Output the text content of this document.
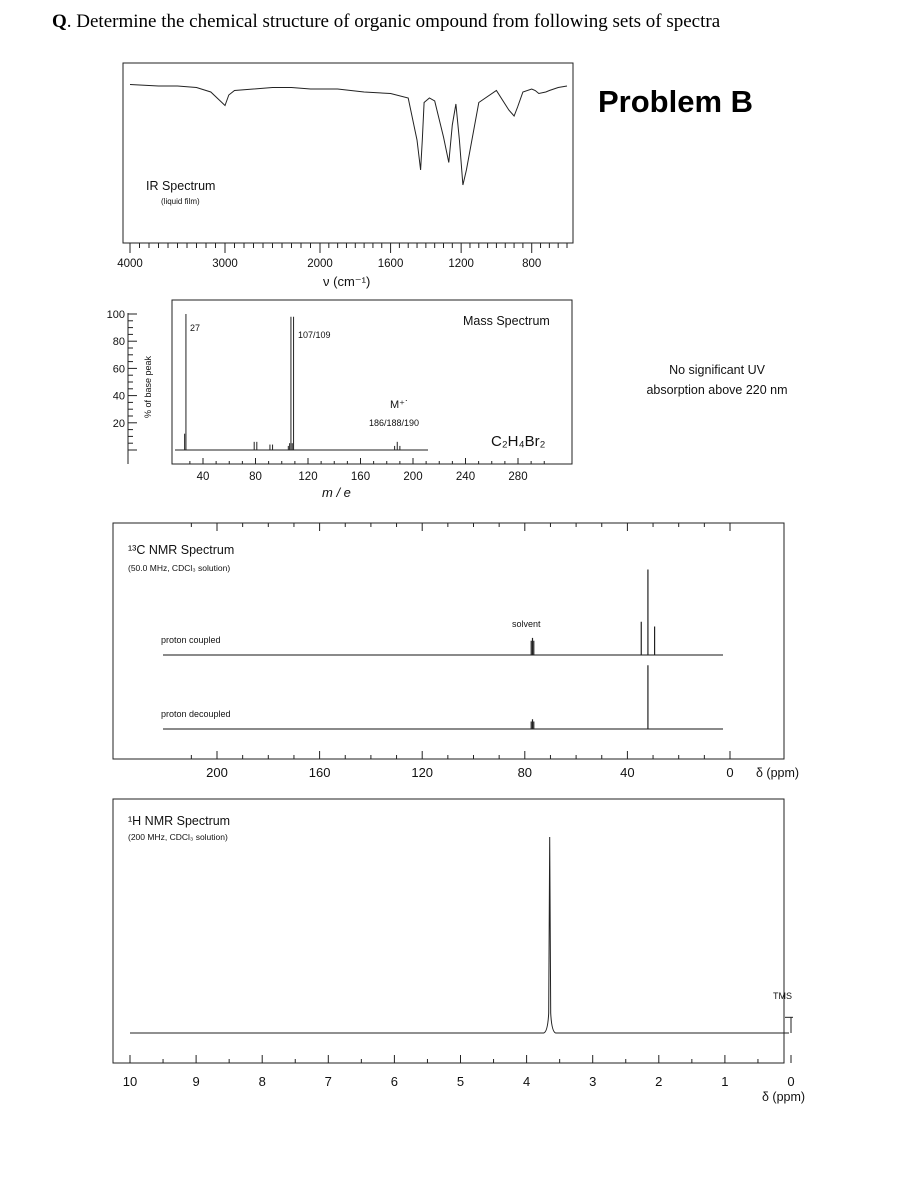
Q. Determine the chemical structure of organic ompound from following sets of spectra
Problem B
No significant UV
absorption above 220 nm
4000	3000	2000	1600	1200	800
IR Spectrum
(liquid film)
ν (cm⁻¹)
100
80
60
40
20
40	80	120	160	200	240	280
% of base peak
Mass Spectrum
C₂H₄Br₂
27
107/109
M⁺˙
186/188/190
m / e
200	160	120	80	40	0
¹³C NMR Spectrum
(50.0 MHz, CDCl₃ solution)
proton coupled
proton decoupled
solvent
δ (ppm)
10	9	8	7	6	5	4	3	2	1	0
¹H NMR Spectrum
(200 MHz, CDCl₃ solution)
TMS
δ (ppm)
